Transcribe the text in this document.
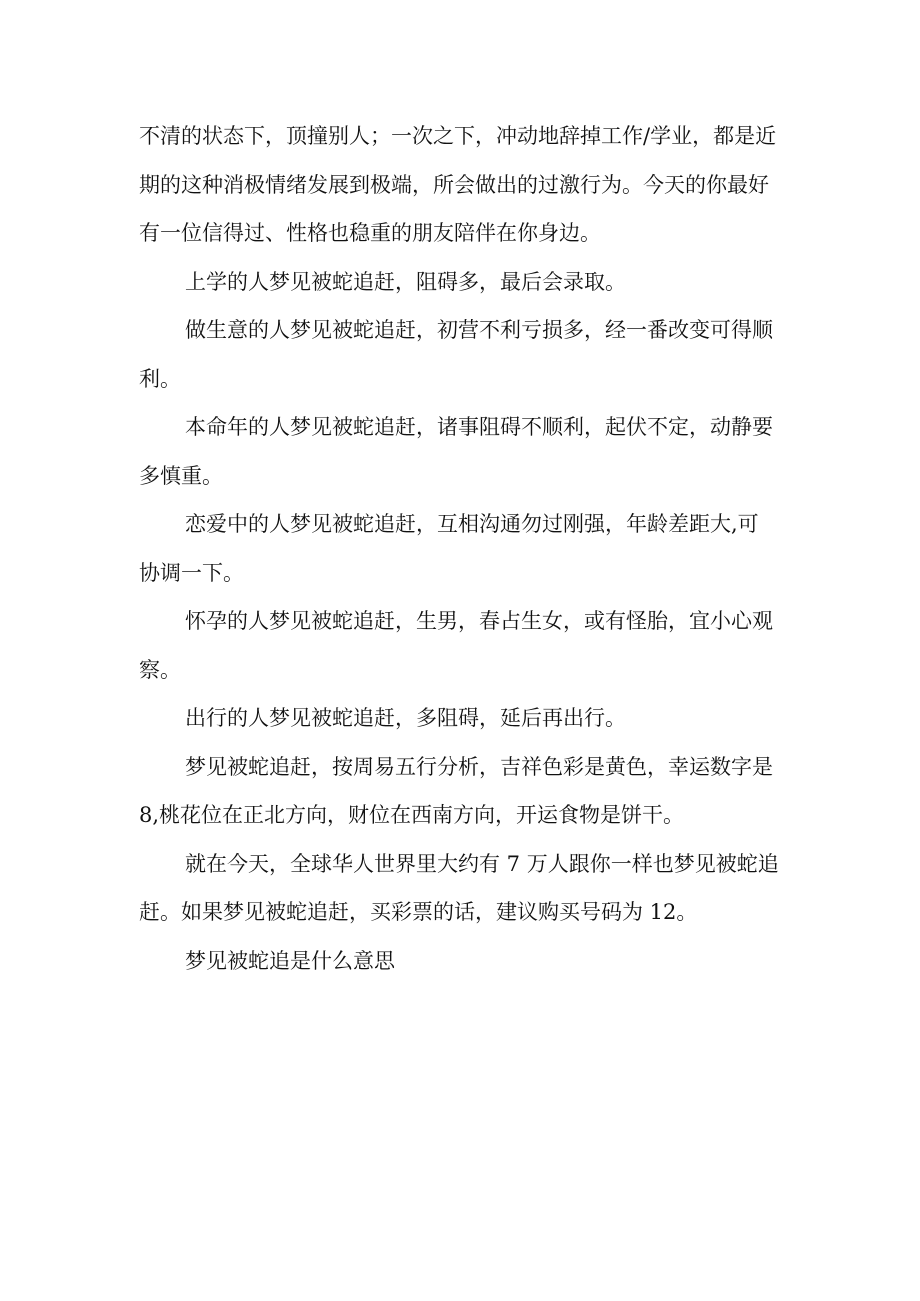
不清的状态下，顶撞别人；一次之下，冲动地辞掉工作/学业，都是近
期的这种消极情绪发展到极端，所会做出的过激行为。今天的你最好
有一位信得过、性格也稳重的朋友陪伴在你身边。

上学的人梦见被蛇追赶，阻碍多，最后会录取。

做生意的人梦见被蛇追赶，初营不利亏损多，经一番改变可得顺
利。

本命年的人梦见被蛇追赶，诸事阻碍不顺利，起伏不定，动静要
多慎重。

恋爱中的人梦见被蛇追赶，互相沟通勿过刚强，年龄差距大,可
协调一下。

怀孕的人梦见被蛇追赶，生男，春占生女，或有怪胎，宜小心观
察。

出行的人梦见被蛇追赶，多阻碍，延后再出行。

梦见被蛇追赶，按周易五行分析，吉祥色彩是黄色，幸运数字是
8,桃花位在正北方向，财位在西南方向，开运食物是饼干。

就在今天，全球华人世界里大约有 7 万人跟你一样也梦见被蛇追
赶。如果梦见被蛇追赶，买彩票的话，建议购买号码为 12。

梦见被蛇追是什么意思
